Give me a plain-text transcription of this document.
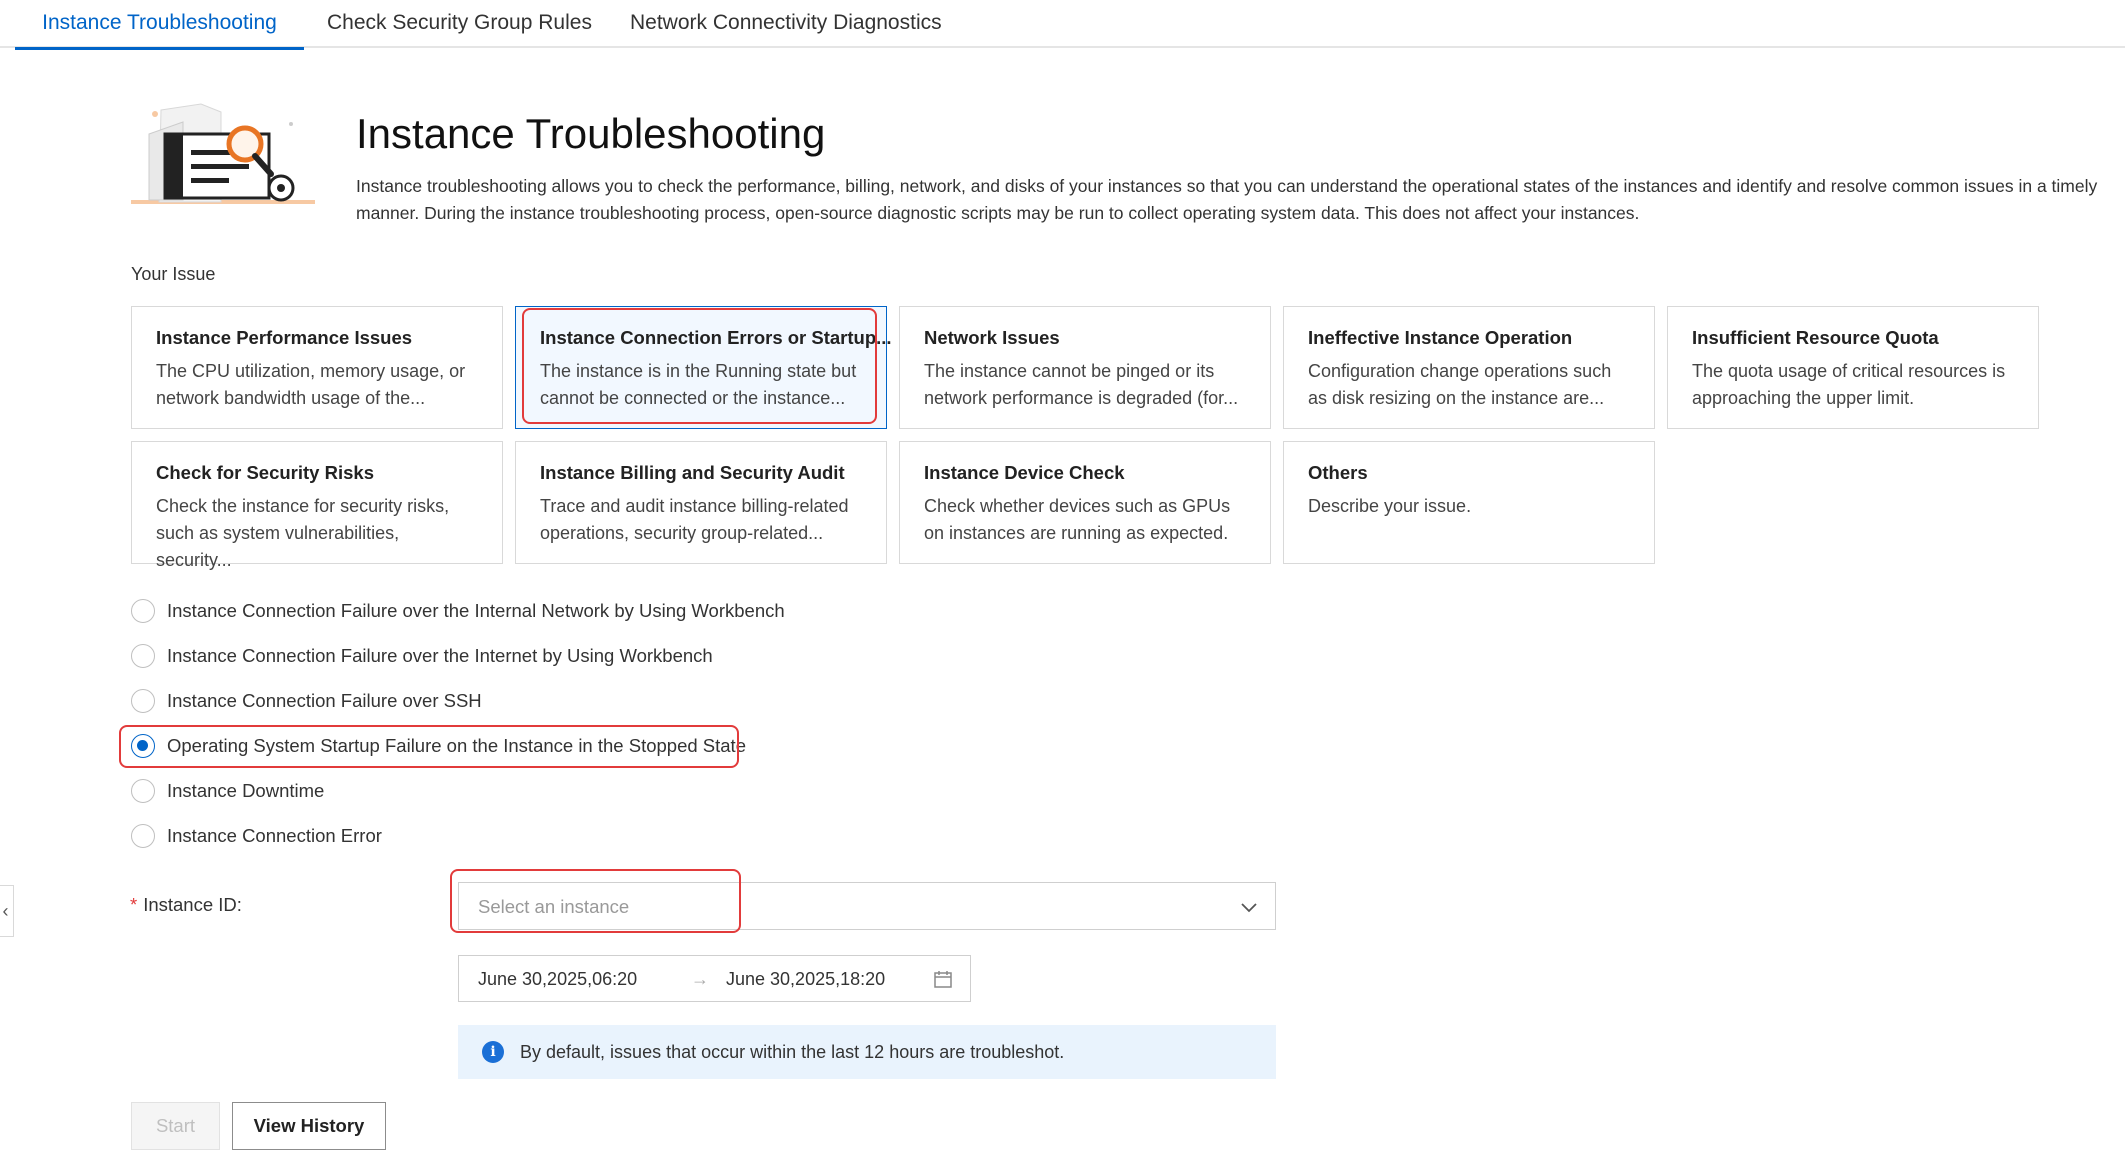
Instance Troubleshooting	Check Security Group Rules Network Connectivity Diagnostics
Instance Troubleshooting

Instance troubleshooting allows you to check the performance, billing, network, and disks of your instances so that you can understand the operational states of the instances and identify and resolve common issues in a timely manner. During the instance troubleshooting process, open-source diagnostic scripts may be run to collect operating system data. This does not affect your instances.

Your Issue
Instance Performance Issues
The CPU utilization, memory usage, or network bandwidth usage of the...
Instance Connection Errors or Startup...
The instance is in the Running state but cannot be connected or the instance...
Network Issues
The instance cannot be pinged or its network performance is degraded (for...
Ineffective Instance Operation
Configuration change operations such as disk resizing on the instance are...
Insufficient Resource Quota
The quota usage of critical resources is approaching the upper limit.
Check for Security Risks
Check the instance for security risks, such as system vulnerabilities, security...
Instance Billing and Security Audit
Trace and audit instance billing-related operations, security group-related...
Instance Device Check
Check whether devices such as GPUs on instances are running as expected.
Others
Describe your issue.
Instance Connection Failure over the Internal Network by Using Workbench
Instance Connection Failure over the Internet by Using Workbench
Instance Connection Failure over SSH
Operating System Startup Failure on the Instance in the Stopped State
Instance Downtime
Instance Connection Error
‹	* Instance ID:	Select an instance
June 30,2025,06:20	→ June 30,2025,18:20
i	By default, issues that occur within the last 12 hours are troubleshot.
Start	View History
